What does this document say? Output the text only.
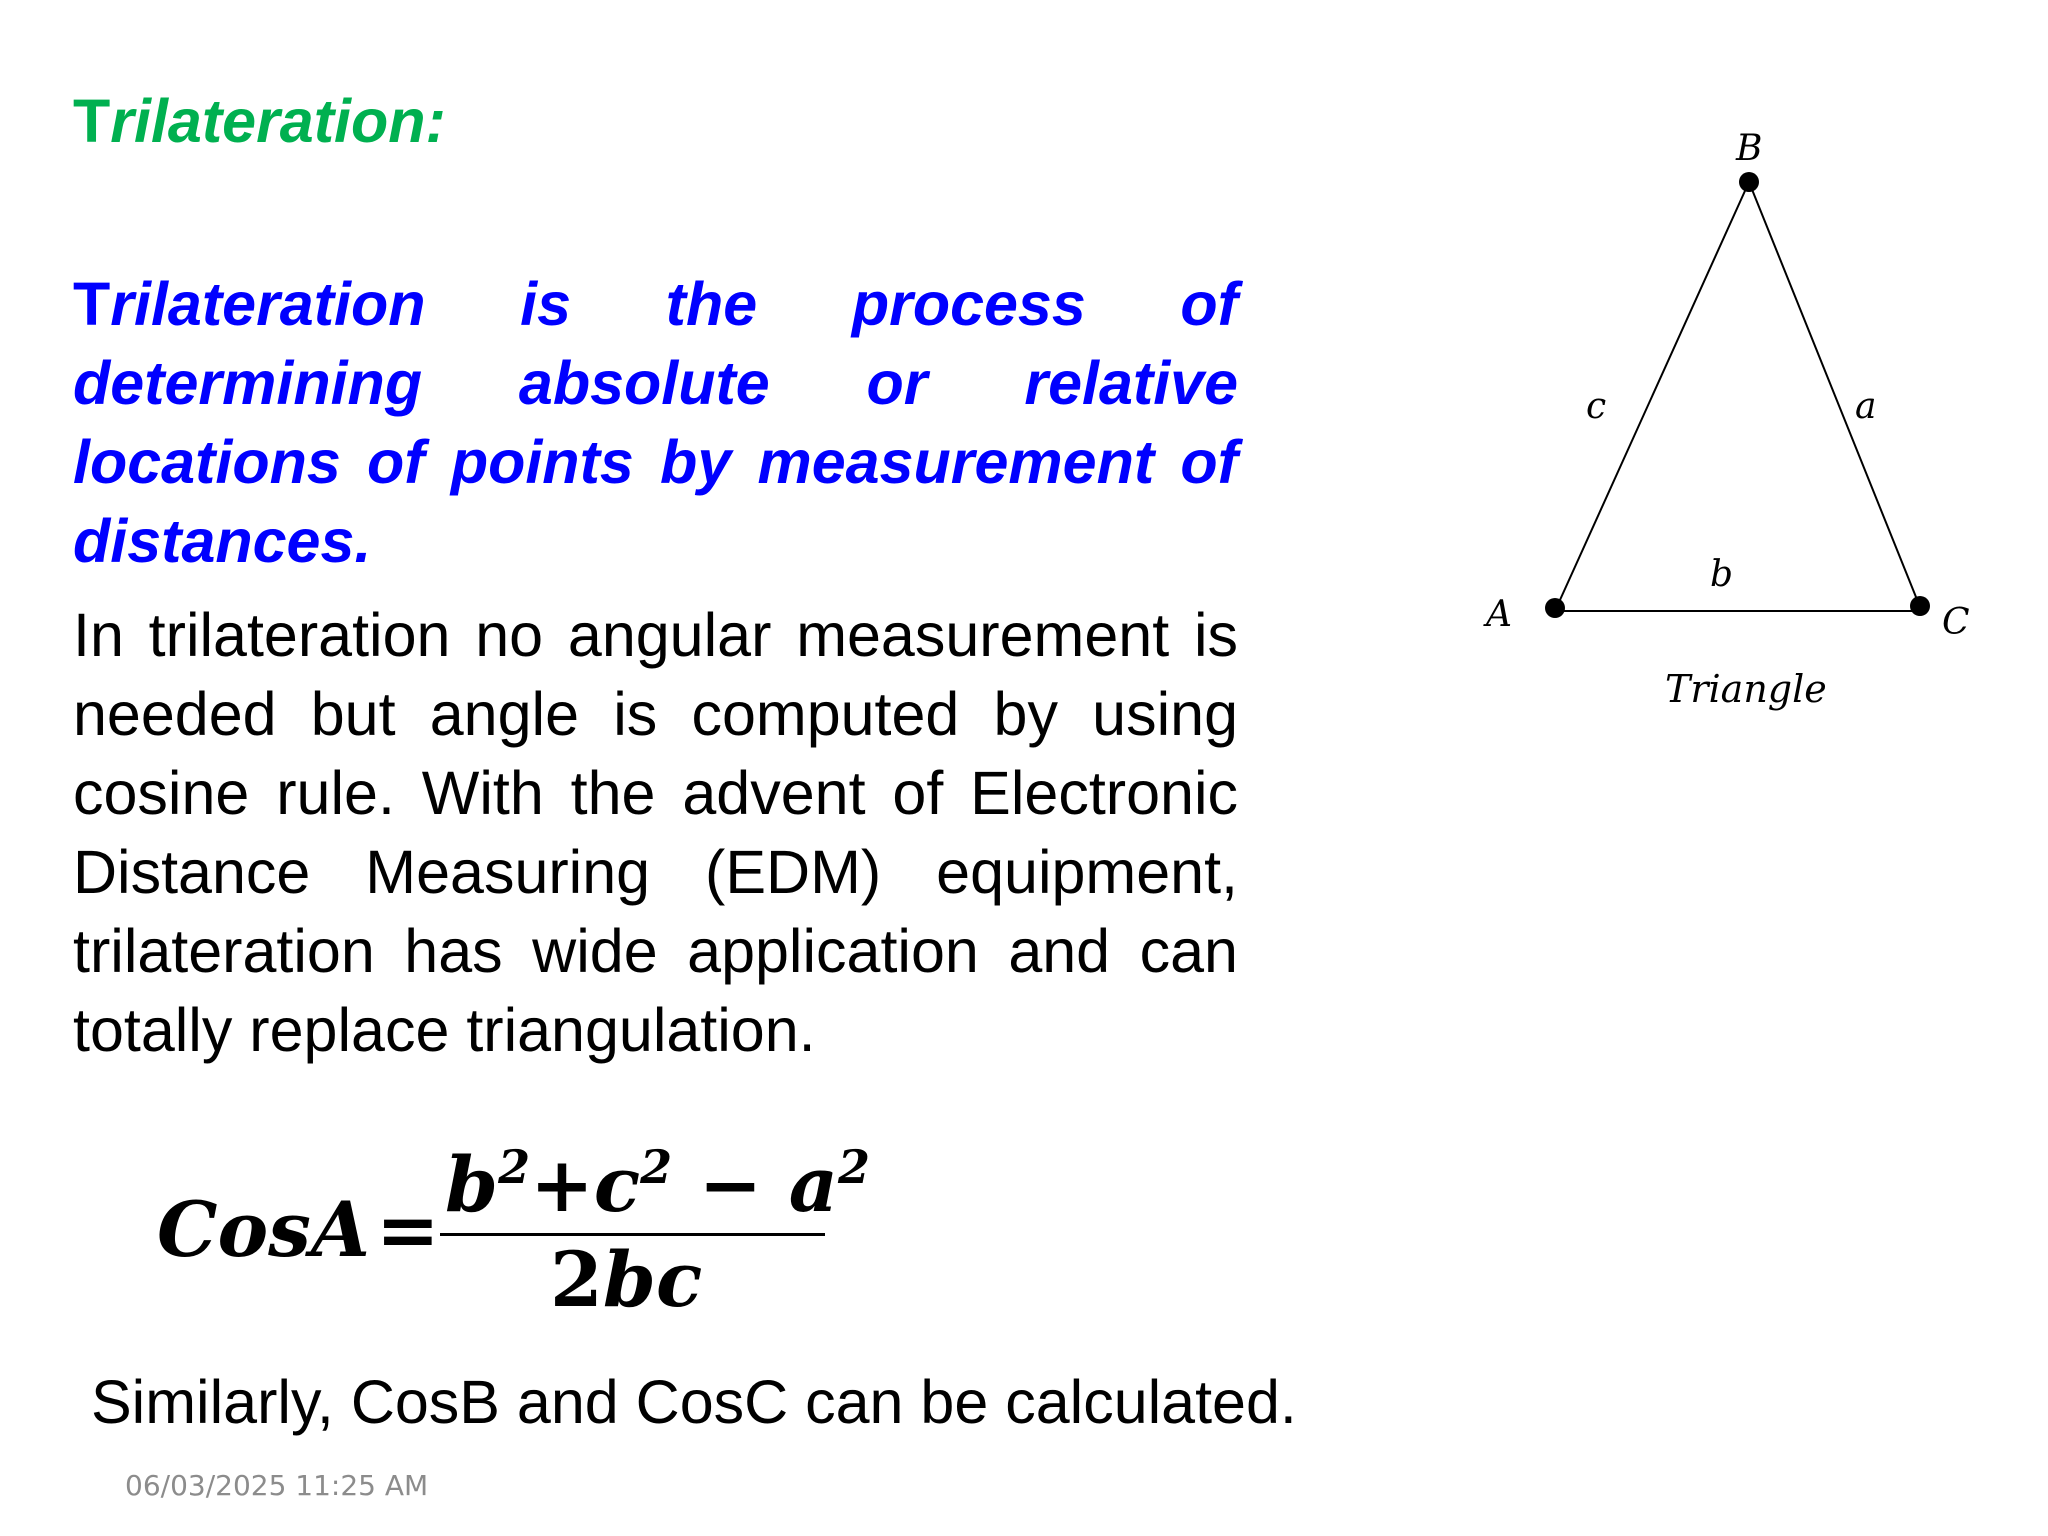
Trilateration:
Trilateration is the process of determining absolute or relative locations of points by measurement of distances.
In trilateration no angular measurement is needed but angle is computed by using cosine rule. With the advent of Electronic Distance Measuring (EDM) equipment, trilateration has wide application and can totally replace triangulation.
CosA =
$b^2+c^2 - a^2$
2bc
Similarly, CosB and CosC can be calculated.
06/03/2025 11:25 AM
B
A	C
c	a
b
Triangle
